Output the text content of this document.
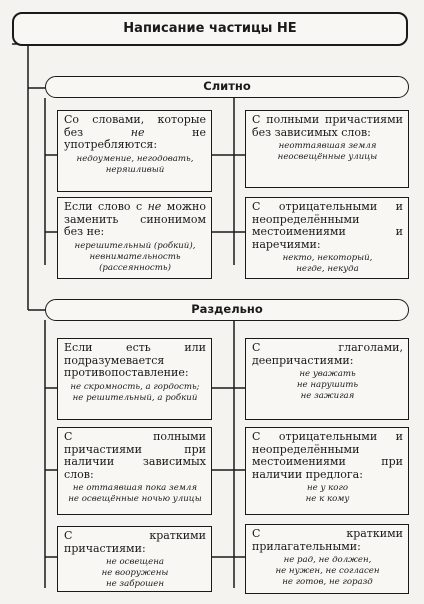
Написание частицы НЕ
Слитно
Раздельно
Со словами, которые без не не употребляются:
недоумение, негодовать,
неряшливый
С полными причастиями без зависимых слов:
неоттаявшая земля
неосвещённые улицы
Если слово с не можно заменить синонимом без не:
нерешительный (робкий),
невнимательность
(рассеянность)
С отрицательными и неопределёнными местоимениями и наречиями:
некто, некоторый,
негде, некуда
Если есть или подразумевается противопоставление:
не скромность, а гордость;
не решительный, а робкий
С глаголами, деепричастиями:
не уважать
не нарушить
не зажигая
С полными причастиями при наличии зависимых слов:
не оттаявшая пока земля
не освещённые ночью улицы
С отрицательными и неопределёнными местоимениями при наличии предлога:
не у кого
не к кому
С краткими причастиями:
не освещена
не вооружены
не заброшен
С краткими прилагательными:
не рад, не должен,
не нужен, не согласен
не готов, не горазд
